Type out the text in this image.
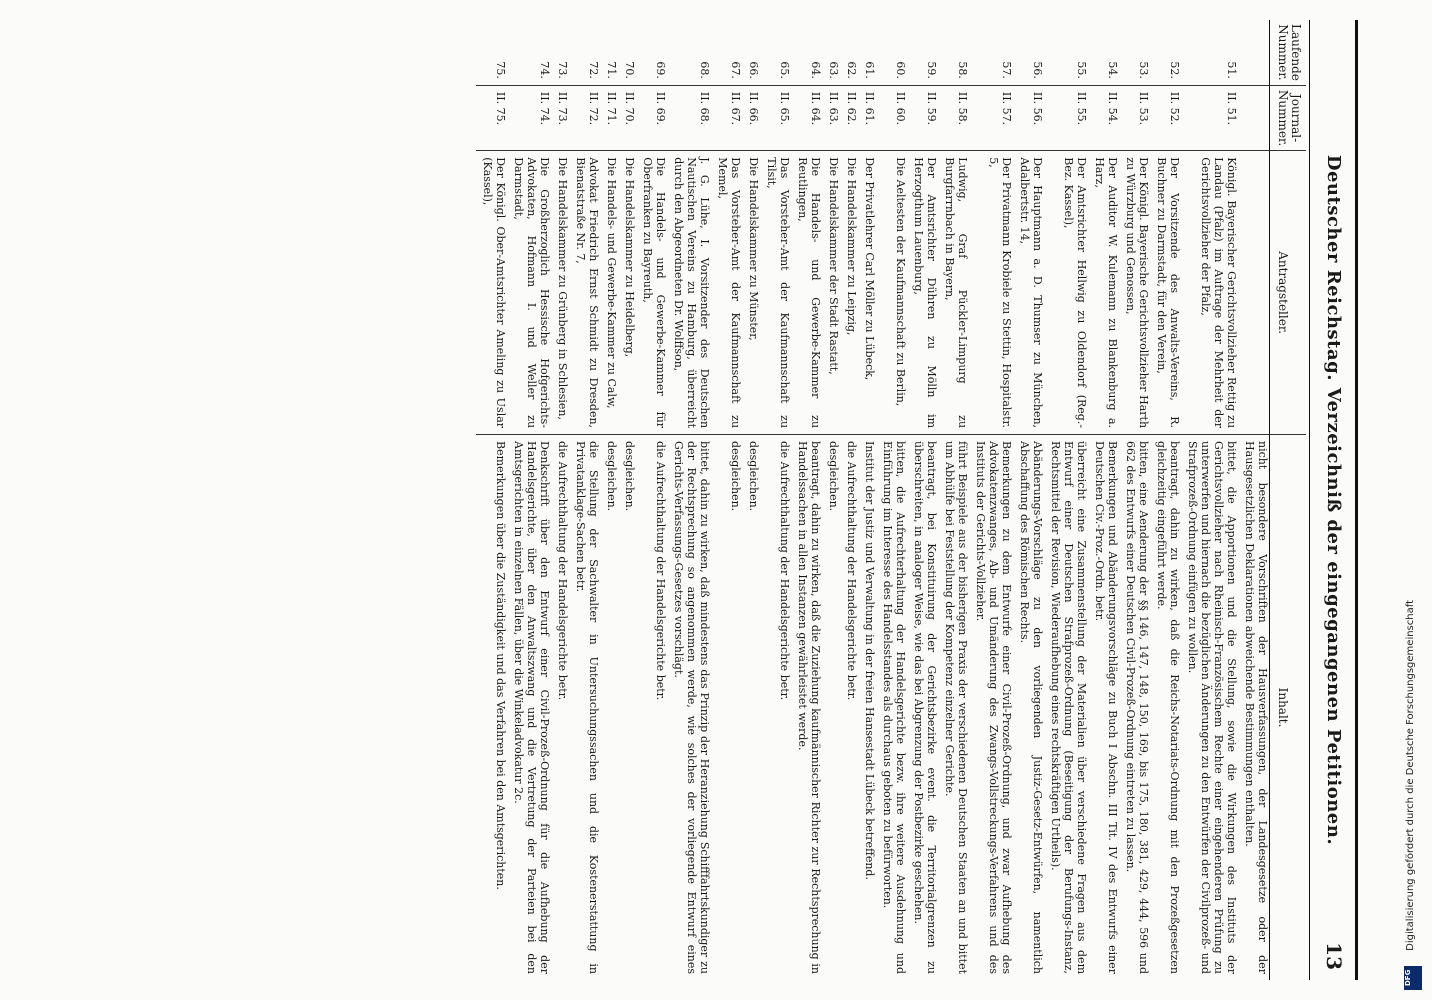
Deutscher Reichstag. Verzeichniß der eingegangenen Petitionen.
13
Laufende Nummer.	Journal-Nummer.	Antragsteller.	Inhalt.
			nicht besondere Vorschriften der Hausverfassungen, der Landesgesetze oder der Hausgesetzlichen Deklarationen abweichende Bestimmungen enthalten.
51.	II. 51.	Königl. Bayerischer Gerichtsvollzieher Rettig zu Landau (Pfalz) im Auftrage der Mehrheit der Gerichtsvollzieher der Pfalz,	bittet, die Apportionen und die Stellung, sowie die Wirkungen des Instituts der Gerichtsvollzieher nach Rheinisch-Französischem Rechte einer eingehenderen Prüfung zu unterwerfen und hiernach die bezüglichen Änderungen zu den Entwürfen der Civilprozeß- und Strafprozeß-Ordnung einfügen zu wollen.
52.	II. 52.	Der Vorsitzende des Anwalts-Vereins, R. Buchner zu Darmstadt, für den Verein,	beantragt, dahin zu wirken, daß die Reichs-Notariats-Ordnung mit den Prozeßgesetzen gleichzeitig eingeführt werde.
53.	II. 53.	Der Königl. Bayerische Gerichtsvollzieher Harth zu Würzburg und Genossen,	bitten, eine Aenderung der §§ 146, 147, 148, 150, 169, bis 175, 180, 381, 429, 444, 596 und 662 des Entwurfs einer Deutschen Civil-Prozeß-Ordnung eintreten zu lassen.
54.	II. 54.	Der Auditor W. Kulemann zu Blankenburg a. Harz,	Bemerkungen und Abänderungsvorschläge zu Buch I Abschn. III Tit. IV des Entwurfs einer Deutschen Civ.-Proz.-Ordn. betr.
55.	II. 55.	Der Amtsrichter Hellwig zu Oldendorf (Reg.-Bez. Kassel),	überreicht eine Zusammenstellung der Materialien über verschiedene Fragen aus dem Entwurf einer Deutschen Strafprozeß-Ordnung (Beseitigung der Berufungs-Instanz, Rechtsmittel der Revision, Wiederaufhebung eines rechtskräftigen Urtheils).
56.	II. 56.	Der Hauptmann a. D. Thumser zu München, Adalbertstr. 14,	Abänderungs-Vorschläge zu den vorliegenden Justiz-Gesetz-Entwürfen, namentlich Abschaffung des Römischen Rechts.
57.	II. 57.	Der Privatmann Krobiele zu Stettin, Hospitalstr. 5,	Bemerkungen zu dem Entwurfe einer Civil-Prozeß-Ordnung, und zwar Aufhebung des Advokatenzwanges, Ab- und Umänderung des Zwangs-Vollstreckungs-Verfahrens und des Instituts der Gerichts-Vollzieher.
58.	II. 58.	Ludwig, Graf Pückler-Limpurg zu Burgfarrnbach in Bayern,	führt Beispiele aus der bisherigen Praxis der verschiedenen Deutschen Staaten an und bittet um Abhülfe bei Feststellung der Kompetenz einzelner Gerichte.
59.	II. 59.	Der Amtsrichter Dühren zu Mölln im Herzogthum Lauenburg,	beantragt, bei Konstituirung der Gerichtsbezirke event. die Territorialgrenzen zu überschreiten, in analoger Weise, wie das bei Abgrenzung der Postbezirke geschehen.
60.	II. 60.	Die Aeltesten der Kaufmannschaft zu Berlin,	bitten, die Aufrechterhaltung der Handelsgerichte bezw. ihre weitere Ausdehnung und Einführung im Interesse des Handelsstandes als durchaus geboten zu befürworten.
61.	II. 61.	Der Privatlehrer Carl Möller zu Lübeck,	Institut der Justiz und Verwaltung in der freien Hansestadt Lübeck betreffend.
62.	II. 62.	Die Handelskammer zu Leipzig,	die Aufrechthaltung der Handelsgerichte betr.
63.	II. 63.	Die Handelskammer der Stadt Rastatt,	desgleichen.
64.	II. 64.	Die Handels- und Gewerbe-Kammer zu Reutlingen,	beantragt, dahin zu wirken, daß die Zuziehung kaufmännischer Richter zur Rechtsprechung in Handelssachen in allen Instanzen gewährleistet werde.
65.	II. 65.	Das Vorsteher-Amt der Kaufmannschaft zu Tilsit,	die Aufrechthaltung der Handelsgerichte betr.
66.	II. 66.	Die Handelskammer zu Münster,	desgleichen.
67.	II. 67.	Das Vorsteher-Amt der Kaufmannschaft zu Memel,	desgleichen.
68.	II. 68.	J. G. Lühe, I. Vorsitzender des Deutschen Nautischen Vereins zu Hamburg, überreicht durch den Abgeordneten Dr. Wolffson,	bittet, dahin zu wirken, daß mindestens das Prinzip der Heranziehung Schifffahrtskundiger zu der Rechtsprechung so angenommen werde, wie solches der vorliegende Entwurf eines Gerichts-Verfassungs-Gesetzes vorschlägt.
69.	II. 69.	Die Handels- und Gewerbe-Kammer für Oberfranken zu Bayreuth,	die Aufrechthaltung der Handelsgerichte betr.
70.	II. 70.	Die Handelskammer zu Heidelberg,	desgleichen.
71.	II. 71.	Die Handels- und Gewerbe-Kammer zu Calw,	desgleichen.
72.	II. 72.	Advokat Friedrich Ernst Schmidt zu Dresden, Bienatstraße Nr. 7,	die Stellung der Sachwalter in Untersuchungssachen und die Kostenerstattung in Privatanklage-Sachen betr.
73.	II. 73.	Die Handelskammer zu Grünberg in Schlesien,	die Aufrechthaltung der Handelsgerichte betr.
74.	II. 74.	Die Großherzoglich Hessische Hofgerichts-Advokaten, Hofmann I. und Weller zu Darmstadt,	Denkschrift über den Entwurf einer Civil-Prozeß-Ordnung für die Aufhebung der Handelsgerichte, über den Anwaltszwang und die Vertretung der Parteien bei den Amtsgerichten in einzelnen Fällen, über die Winkeladvokatur 2c.
75.	II. 75.	Der Königl. Ober-Amtsrichter Ameling zu Uslar (Kassel),	Bemerkungen über die Zuständigkeit und das Verfahren bei den Amtsgerichten.	Digitalisierung gefördert durch die Deutsche Forschungsgemeinschaft
DFG
